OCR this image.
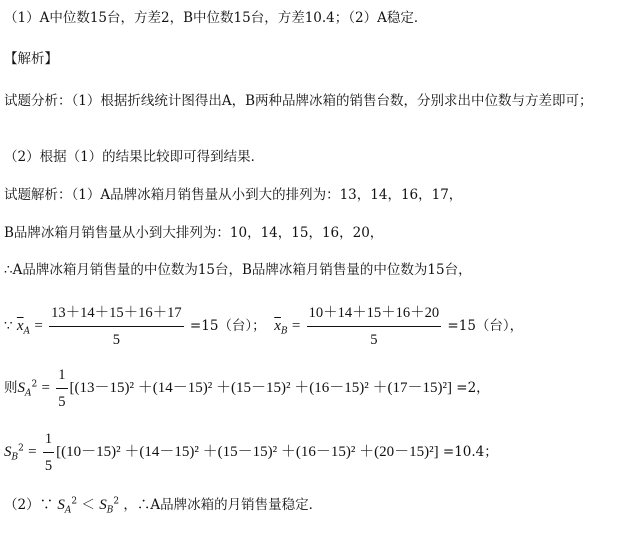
（1）A中位数15台，方差2，B中位数15台，方差10.4；（2）A稳定．
【解析】
试题分析：（1）根据折线统计图得出A，B两种品牌冰箱的销售台数，分别求出中位数与方差即可；
（2）根据（1）的结果比较即可得到结果．
试题解析：（1）A品牌冰箱月销售量从小到大的排列为：13，14，16，17，
B品牌冰箱月销售量从小到大排列为：10，14，15，16，20，
∴A品牌冰箱月销售量的中位数为15台，B品牌冰箱月销售量的中位数为15台，
∵ $\overline{x}_A = \frac{13+14+15+16+17}{5} =15$（台）； $\overline{x}_B = \frac{10+14+15+16+20}{5} =15$（台），
则$S_A^2 = \frac{1}{5} [(13-15)^2 +(14-15)^2 +(15-15)^2 +(16-15)^2 +(17-15)^2] =2$，
$S_B^2 = \frac{1}{5} [(10-15)^2 +(14-15)^2 +(15-15)^2 +(16-15)^2 +(20-15)^2] =10.4$；
（2）∵ $S_A^2 < S_B^2$ ，∴A品牌冰箱的月销售量稳定．
